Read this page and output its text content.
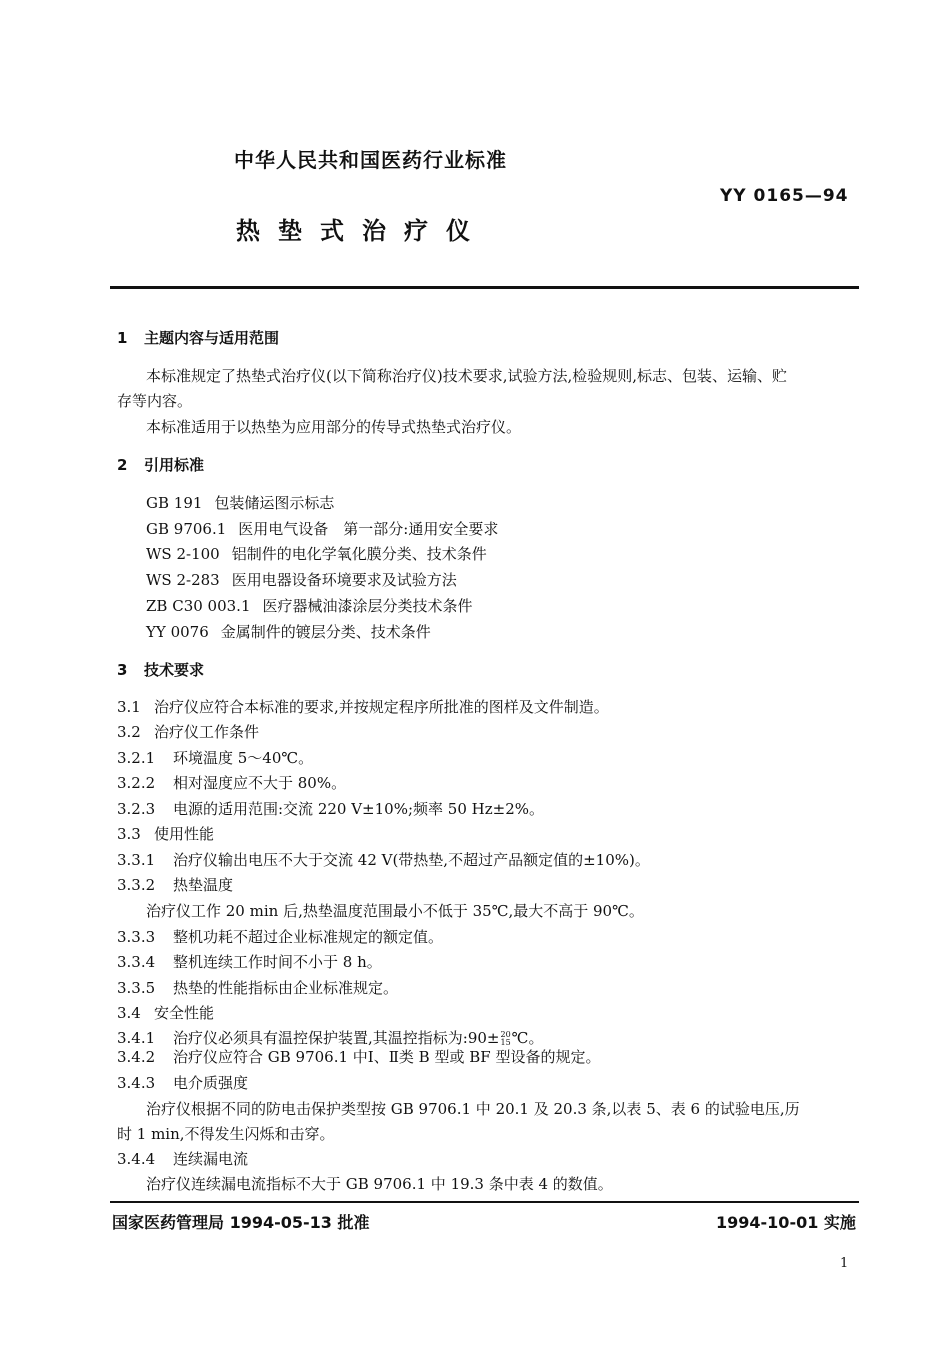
中华人民共和国医药行业标准
YY 0165—94
热垫式治疗仪
1 主题内容与适用范围
本标准规定了热垫式治疗仪(以下简称治疗仪)技术要求,试验方法,检验规则,标志、包装、运输、贮
存等内容。
本标准适用于以热垫为应用部分的传导式热垫式治疗仪。
2 引用标准
GB 191 包装储运图示标志
GB 9706.1 医用电气设备　第一部分:通用安全要求
WS 2-100 铝制件的电化学氧化膜分类、技术条件
WS 2-283 医用电器设备环境要求及试验方法
ZB C30 003.1 医疗器械油漆涂层分类技术条件
YY 0076 金属制件的镀层分类、技术条件
3 技术要求
3.1 治疗仪应符合本标准的要求,并按规定程序所批准的图样及文件制造。
3.2 治疗仪工作条件
3.2.1 环境温度 5～40℃。
3.2.2 相对湿度应不大于 80%。
3.2.3 电源的适用范围:交流 220 V±10%;频率 50 Hz±2%。
3.3 使用性能
3.3.1 治疗仪输出电压不大于交流 42 V(带热垫,不超过产品额定值的±10%)。
3.3.2 热垫温度
治疗仪工作 20 min 后,热垫温度范围最小不低于 35℃,最大不高于 90℃。
3.3.3 整机功耗不超过企业标准规定的额定值。
3.3.4 整机连续工作时间不小于 8 h。
3.3.5 热垫的性能指标由企业标准规定。
3.4 安全性能
3.4.1 治疗仪必须具有温控保护装置,其温控指标为:90± 20
15 ℃。
3.4.2 治疗仪应符合 GB 9706.1 中Ⅰ、Ⅱ类 B 型或 BF 型设备的规定。
3.4.3 电介质强度
治疗仪根据不同的防电击保护类型按 GB 9706.1 中 20.1 及 20.3 条,以表 5、表 6 的试验电压,历
时 1 min,不得发生闪烁和击穿。
3.4.4 连续漏电流
治疗仪连续漏电流指标不大于 GB 9706.1 中 19.3 条中表 4 的数值。
国家医药管理局 1994-05-13 批准	1994-10-01 实施
1
